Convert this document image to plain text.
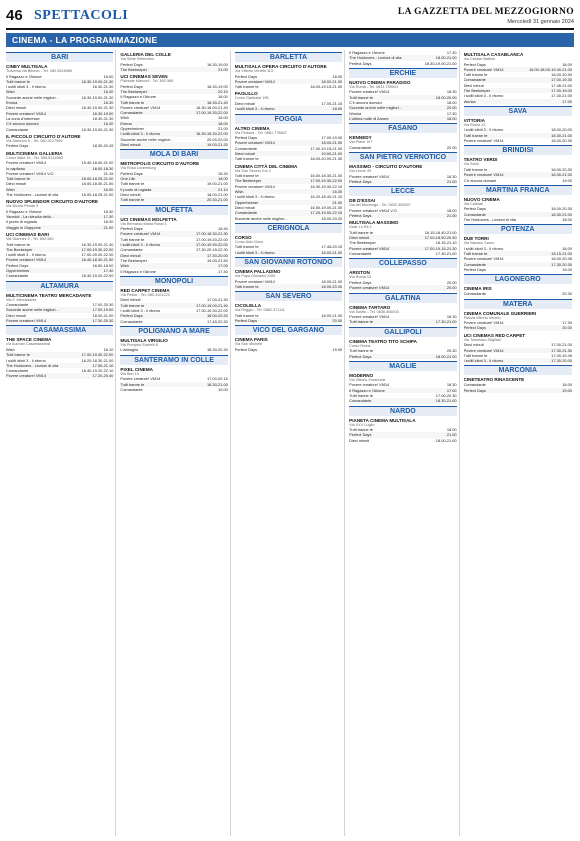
46 SPETTACOLI	LA GAZZETTA DEL MEZZOGIORNO
Mercoledì 31 gennaio 2024
CINEMA - LA PROGRAMMAZIONE
BARI
CINEY MULTISALA
Traversa via Bitonto - Tel. 080.5618989
Il Ragazzo e l'Airone	16.00
Tutti tranne te	16.30-19.00-21.30
I soliti idioti 3 - Il ritorno	16.30-21.30
Wish	16.30
Succede anche nelle migliori...	16.30-19.00-21.30
Emma	16.30
Dieci minuti	16.30-19.00-21.30
Povere creature! VM14	16.30-19.00
La zona d'interesse	18.30-21.30
C'è ancora domani	16.30
Comandante	16.30-19.00-21.30
IL PICCOLO CIRCUITO D'AUTORE
Via Manzoni 5 - Tel. 080.4127596
Perfect Days	18.30-20.45
MULTICINEMA GALLERIA
Corso Italia 15 - Tel. 080.5214563
Povere creature! VM14	15.40-18.00-21.00
Io capitano	16.00-18.30
Povere creature! VM14 V.O.	21.15
Tutti tranne te	16.00-18.25-21.00
Dieci minuti	16.00-18.30-21.00
Wish	16.00
The Holdovers - Lezioni di vita	16.00-18.25-21.00
NUOVO SPLENDOR CIRCUITO D'AUTORE
Via Nicola Pende 9
Il Ragazzo e l'Airone	16.30
Yannick - La rivincita dello...	17.30
Il punto di rugiada	18.30
Viaggio in Giappone	21.00
UCI CINEMAS BARI
Via Giannini 9 - Tel. 892.960
Tutti tranne te	16.30-19.00-21.40
The Beekeeper	17.00-19.30-22.00
I soliti idioti 3 - Il ritorno	17.00-20.00-22.30
Povere creature! VM14	16.40-18.30-21.50
Perfect Days	16.50-18.00
Oppenheimer	17.40
Comandante	16.30-19.20-22.00
ALTAMURA
MULTICINEMA TEATRO MERCADANTE
Via F. Mercadante
Comandante	17.00-20.30
Succede anche nelle migliori...	17.00-19.00
Dieci minuti	18.00-21.00
Povere creature! VM14	17.30-20.30
CASAMASSIMA
THE SPACE CINEMA
c/o Auchan Casamassima
Wish	16.10
Tutti tranne te	17.00-19.30-22.00
I soliti idioti 3 - Il ritorno	16.20-18.30-21.00
The Holdovers - Lezioni di vita	17.50-21.10
Comandante	16.40-19.20-22.10
Povere creature! VM14	17.20-20.40
GALLERIA DEL COLLE
Via Sette Settembre
Perfect Days	16.30-19.00
The Beekeeper	21.00
UCI CINEMAS SEVEN
Piazzale Marconi - Tel. 892.960
Perfect Days	16.30-19.00
The Beekeeper	20.10
Il Ragazzo e l'Airone	18.00
Tutti tranne te	18.30-21.40
Povere creature! VM14	16.30-18.00-21.40
Comandante	17.00-19.30-22.00
Wish	16.00
Emma	18.00
Oppenheimer	21.00
I soliti idioti 3 - Il ritorno	16.30-19.30-22.00
Succede anche nelle migliori...	20.00-22.00
Dieci minuti	19.00-21.20
MOLA DI BARI
METROPOLIS CIRCUITO D'AUTORE
Via Rosa Luxemburg
Perfect Days	18.30
One Life	18.00
Tutti tranne te	19.00-21.00
Il punto di rugiada	21.10
Dieci minuti	18.00-21.00
Tutti tranne te	20.30-21.00
MOLFETTA
UCI CINEMAS MOLFETTA
Via Bernardo Maria Rossi 1
Perfect Days	18.40
Povere creature! VM14	17.00-18.30-21.30
Tutti tranne te	17.00-19.20-22.00
I soliti idioti 3 - Il ritorno	17.00-19.30-22.00
Comandante	17.30-20.15-22.30
Dieci minuti	17.30-20.00
The Beekeeper	19.00-21.50
Wish	17.00
Il Ragazzo e l'Airone	17.40
MONOPOLI
RED CARPET CINEMA
Via Pesce - Tel. 080.4101222
Dieci minuti	17.00-21.30
Tutti tranne te	17.00-19.00-21.40
I soliti idioti 3 - Il ritorno	17.30-19.30-22.00
Perfect Days	18.00-20.20
Comandante	17.45-20.30
POLIGNANO A MARE
MULTISALA VIRGILIO
Via Pompeo Sarnelli 8
L'abbaglio	18.30-20.30
SANTERAMO IN COLLE
PIXEL CINEMA
Via Bari 10
Povere creature! VM14	17.00-20.15
Tutti tranne te	18.30-21.00
Comandante	19.00
BARLETTA
MULTISALA OPERA CIRCUITO D'AUTORE
Via Vittorio Veneto 113
Perfect Days	18.00
Povere creature! VM14	18.00-21.00
Tutti tranne te	18.00-19.15-21.00
PAOLILLO
Corso Garibaldi 195
Dieci minuti	17.00-21.15
I soliti idioti 3 - Il ritorno	18.00
FOGGIA
ALTRO CINEMA
Via Pedone - Tel. 0881.778807
Perfect Days	17.00-19.00
Povere creature! VM14	18.00-21.00
Comandante	17.00-19.15-21.00
Dieci minuti	19.00-21.00
Tutti tranne te	18.00-20.00-21.30
CINEMA CITTÀ DEL CINEMA
Via San Severo Km 2
Tutti tranne te	16.00-18.30-21.00
The Beekeeper	17.00-19.30-22.00
Povere creature! VM14	16.30-19.30-22.10
Wish	16.30
I soliti idioti 3 - Il ritorno	16.20-18.40-21.10
Oppenheimer	21.00
Dieci minuti	16.50-19.00-21.30
Comandante	17.20-19.50-22.15
Succede anche nelle migliori...	18.00-20.20
CERIGNOLA
CORSO
Corso Aldo Moro
Tutti tranne te	17.45-20.15
I soliti idioti 3 - Il ritorno	18.00-21.00
SAN GIOVANNI ROTONDO
CINEMA PALLADINO
Via Papa Giovanni XXIII
Povere creature! VM14	18.00-21.00
Tutti tranne te	18.00-20.30
SAN SEVERO
CICOLELLA
Via Reggio - Tel. 0882.371111
Tutti tranne te	18.00-21.00
Perfect Days	20.00
VICO DEL GARGANO
CINEMA PARIS
Via San Michele
Perfect Days	19.00
Il Ragazzo e l'Airone	17.30
The Holdovers - Lezioni di vita	18.00-21.00
Perfect Days	18.30-19.00-21.00
ERCHIE
NUOVO CINEMA PARADISO
Via Roma - Tel. 0831.759001
Povere creature! VM14	18.30
Tutti tranne te	18.00-20.00
C'è ancora domani	18.00
Succede anche nelle migliori...	20.00
Wonka	17.30
L'ultima notte di Amore	18.00
FASANO
KENNEDY
Via Piave 107
Comandante	20.00
SAN PIETRO VERNOTICO
MASSIMO - CIRCUITO D'AUTORE
Via Lecce 49
Povere creature! VM14	18.30
Perfect Days	21.00
LECCE
DB D'ESSAI
Via dei Mocenigo - Tel. 0832.390557
Povere creature! VM14 V.O.	18.00
Perfect Days	21.00
MULTISALA MASSIMO
Viale Lo Re 1
Tutti tranne te	16.15-18.40-21.00
Dieci minuti	17.00-18.50-20.40
The Beekeeper	16.15-21.10
Povere creature! VM14	17.00-19.15-21.30
Comandante	17.30-21.00
COLLEPASSO
ARISTON
Via Roma 15
Perfect Days	20.00
Povere creature! VM14	20.00
GALATINA
CINEMA TARTARO
Via Soleto - Tel. 0836.566003
Povere creature! VM14	18.30
Tutti tranne te	17.30-21.00
GALLIPOLI
CINEMA TEATRO TITO SCHIPA
Corso Roma
Tutti tranne te	20.30
Perfect Days	18.00-21.00
MAGLIE
MODERNO
Via Vittorio Emanuele
Povere creature! VM14	18.30
Il Ragazzo e l'Airone	17.00
Tutti tranne te	17.00-20.30
Comandante	18.30-21.00
NARDÒ
PIANETA CINEMA MULTISALA
Via XXV Luglio
Tutti tranne te	18.00
Perfect Days	21.00
Dieci minuti	18.00-21.00
MULTISALA CASABLANCA
Via Cesare Battisti
Perfect Days	18.00
Povere creature! VM14	16.00-18.00-19.40-21.00
Tutti tranne te	18.00-20.30
Comandante	17.00-19.30
Dieci minuti	17.45-21.00
The Beekeeper	17.00-19.00
I soliti idioti 3 - Il ritorno	17.30-21.00
Wonka	17.00
SAVA
VITTORIA
Via Roma 12
I soliti idioti 3 - Il ritorno	18.00-20.00
Tutti tranne te	18.30-21.00
Povere creature! VM14	18.00-20.30
BRINDISI
TEATRO VERDI
Via Santi
Tutti tranne te	18.00-20.30
Povere creature! VM14	18.30-21.00
C'è ancora domani	19.00
MARTINA FRANCA
NUOVO CINEMA
Via Calefati
Perfect Days	18.00-20.30
Comandante	18.30-21.00
The Holdovers - Lezioni di vita	18.00
POTENZA
DUE TORRI
Via Nazario Sauro
I soliti idioti 3 - Il ritorno	18.00
Tutti tranne te	18.15-21.00
Povere creature! VM14	18.00-20.45
Comandante	17.30-20.30
Perfect Days	19.00
LAGONEGRO
CINEMA IRIS
Comandante	20.30
MATERA
CINEMA COMUNALE GUERRIERI
Piazza Vittorio Veneto
Povere creature! VM14	17.30
Perfect Days	20.00
UCI CINEMAS RED CARPET
Via Tommaso Stigliani
Dieci minuti	17.00-21.00
Povere creature! VM14	17.30-21.30
Tutti tranne te	17.00-19.45
I soliti idioti 3 - Il ritorno	17.30-20.00
MARCONIA
CINETEATRO RINASCENTE
Comandante	18.00
Perfect Days	19.00
